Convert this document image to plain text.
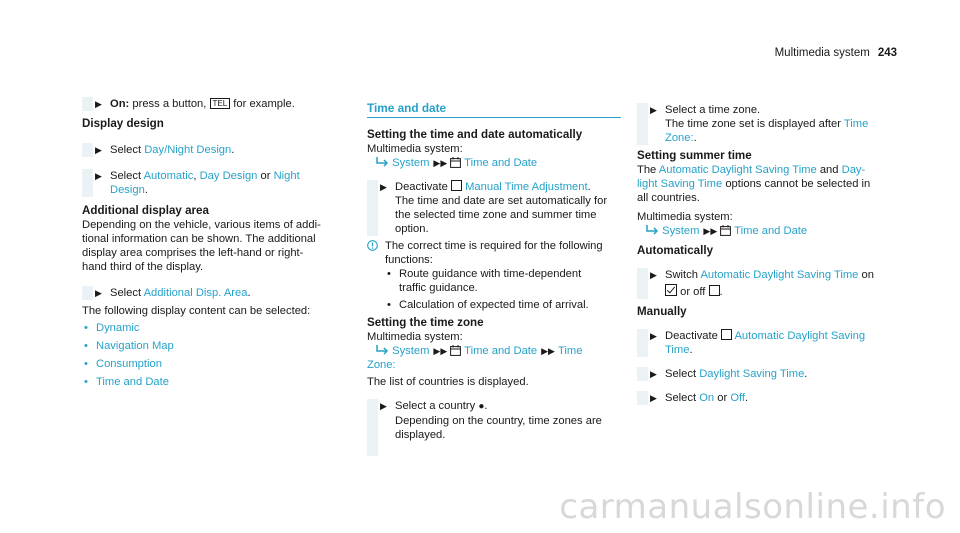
Multimedia system 243
▶ On: press a button, TEL for example.
Display design
▶ Select Day/Night Design.
▶ Select Automatic, Day Design or Night
Design.
Additional display area
Depending on the vehicle, various items of addi-
tional information can be shown. The additional
display area comprises the left-hand or right-
hand third of the display.
▶ Select Additional Disp. Area.
The following display content can be selected:
• Dynamic
• Navigation Map
• Consumption
• Time and Date
Time and date
Setting the time and date automatically
Multimedia system:
System ▶▶ Time and Date
▶ Deactivate Manual Time Adjustment.
The time and date are set automatically for
the selected time zone and summer time
option.
The correct time is required for the following
functions:
• Route guidance with time-dependent
traffic guidance.
• Calculation of expected time of arrival.
Setting the time zone
Multimedia system:
System ▶▶ Time and Date ▶▶ Time
Zone:
The list of countries is displayed.
▶ Select a country ●.
Depending on the country, time zones are
displayed.
▶ Select a time zone.
The time zone set is displayed after Time
Zone:.
Setting summer time
The Automatic Daylight Saving Time and Day-
light Saving Time options cannot be selected in
all countries.
Multimedia system:
System ▶▶ Time and Date
Automatically
▶ Switch Automatic Daylight Saving Time on
or off .
Manually
▶ Deactivate Automatic Daylight Saving
Time.
▶ Select Daylight Saving Time.
▶ Select On or Off.
carmanualsonline.info
